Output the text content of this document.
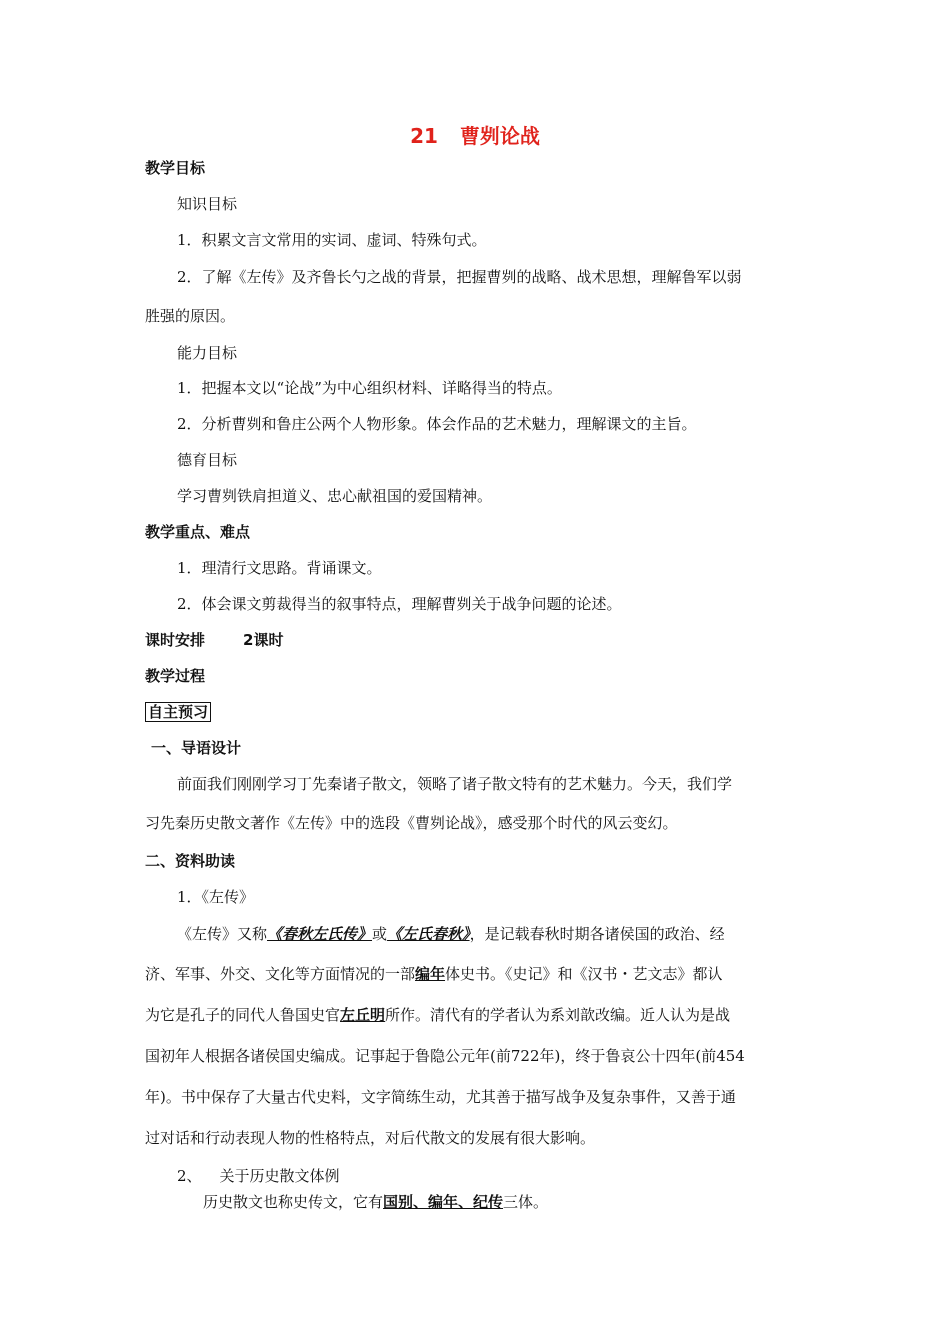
21 曹刿论战
教学目标
知识目标
1．积累文言文常用的实词、虚词、特殊句式。
2．了解《左传》及齐鲁长勺之战的背景，把握曹刿的战略、战术思想，理解鲁军以弱
胜强的原因。
能力目标
1．把握本文以“论战”为中心组织材料、详略得当的特点。
2．分析曹刿和鲁庄公两个人物形象。体会作品的艺术魅力，理解课文的主旨。
德育目标
学习曹刿铁肩担道义、忠心献祖国的爱国精神。
教学重点、难点
1．理清行文思路。背诵课文。
2．体会课文剪裁得当的叙事特点，理解曹刿关于战争问题的论述。
课时安排	2课时
教学过程
自主预习
一、导语设计
前面我们刚刚学习丁先秦诸子散文，领略了诸子散文特有的艺术魅力。今天，我们学
习先秦历史散文著作《左传》中的选段《曹刿论战》，感受那个时代的风云变幻。
二、资料助读
1．《左传》
《左传》又称《春秋左氏传》或《左氏春秋》，是记载春秋时期各诸侯国的政治、经
济、军事、外交、文化等方面情况的一部编年体史书。《史记》和《汉书・艺文志》都认
为它是孔子的同代人鲁国史官左丘明所作。清代有的学者认为系刘歆改编。近人认为是战
国初年人根据各诸侯国史编成。记事起于鲁隐公元年(前722年)，终于鲁哀公十四年(前454
年)。书中保存了大量古代史料，文字简练生动，尤其善于描写战争及复杂事件，又善于通
过对话和行动表现人物的性格特点，对后代散文的发展有很大影响。
2、 关于历史散文体例
历史散文也称史传文，它有国别、编年、纪传三体。
